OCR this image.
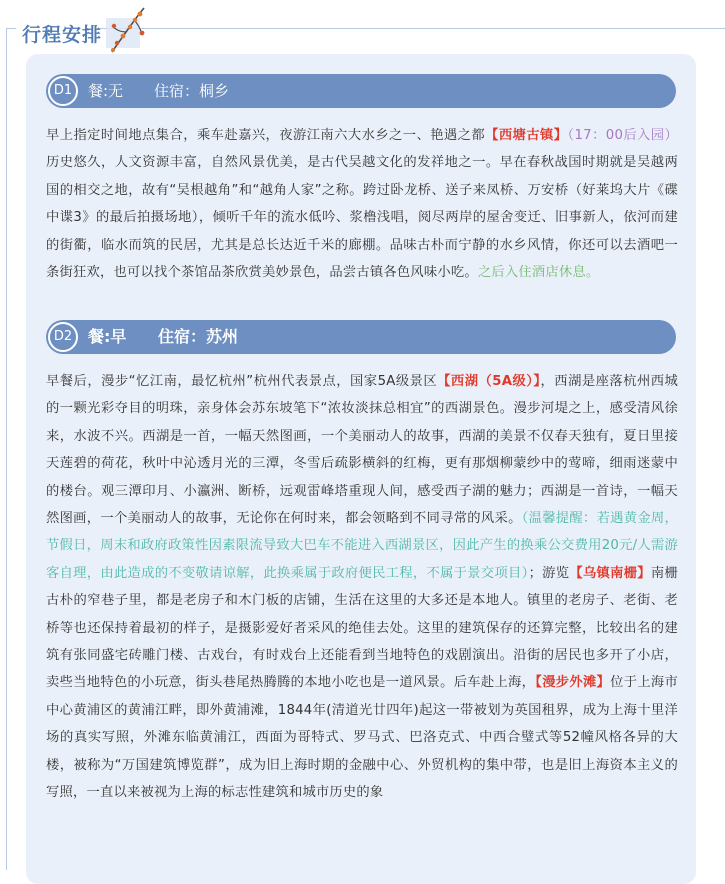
行程安排
D1	餐:无 住宿：桐乡
早上指定时间地点集合，乘车赴嘉兴，夜游江南六大水乡之一、艳遇之都【西塘古镇】（17：00后入园）历史悠久，人文资源丰富，自然风景优美，是古代吴越文化的发祥地之一。早在春秋战国时期就是吴越两国的相交之地，故有“吴根越角”和“越角人家”之称。跨过卧龙桥、送子来凤桥、万安桥（好莱坞大片《碟中谍3》的最后拍摄场地），倾听千年的流水低吟、浆橹浅唱，阅尽两岸的屋舍变迁、旧事新人，依河而建的街衢，临水而筑的民居，尤其是总长达近千米的廊棚。品味古朴而宁静的水乡风情，你还可以去酒吧一条街狂欢，也可以找个茶馆品茶欣赏美妙景色，品尝古镇各色风味小吃。之后入住酒店休息。
D2 餐:早 住宿：苏州
早餐后，漫步“忆江南，最忆杭州”杭州代表景点，国家5A级景区【西湖（5A级）】，西湖是座落杭州西城的一颗光彩夺目的明珠，亲身体会苏东坡笔下“浓妆淡抹总相宜”的西湖景色。漫步河堤之上，感受清风徐来，水波不兴。西湖是一首，一幅天然图画，一个美丽动人的故事，西湖的美景不仅春天独有，夏日里接天莲碧的荷花，秋叶中沁透月光的三潭，冬雪后疏影横斜的红梅，更有那烟柳蒙纱中的莺啼，细雨迷蒙中的楼台。观三潭印月、小瀛洲、断桥，远观雷峰塔重现人间，感受西子湖的魅力；西湖是一首诗，一幅天然图画，一个美丽动人的故事，无论你在何时来，都会领略到不同寻常的风采。（温馨提醒：若遇黄金周，节假日，周末和政府政策性因素限流导致大巴车不能进入西湖景区，因此产生的换乘公交费用20元/人需游客自理，由此造成的不变敬请谅解，此换乘属于政府便民工程，不属于景交项目）；游览【乌镇南栅】南栅古朴的窄巷子里，都是老房子和木门板的店铺，生活在这里的大多还是本地人。镇里的老房子、老街、老桥等也还保持着最初的样子，是摄影爱好者采风的绝佳去处。这里的建筑保存的还算完整，比较出名的建筑有张同盛宅砖雕门楼、古戏台，有时戏台上还能看到当地特色的戏剧演出。沿街的居民也多开了小店，卖些当地特色的小玩意，街头巷尾热腾腾的本地小吃也是一道风景。后车赴上海，【漫步外滩】位于上海市中心黄浦区的黄浦江畔，即外黄浦滩，1844年(清道光廿四年)起这一带被划为英国租界，成为上海十里洋场的真实写照，外滩东临黄浦江，西面为哥特式、罗马式、巴洛克式、中西合璧式等52幢风格各异的大楼，被称为“万国建筑博览群”，成为旧上海时期的金融中心、外贸机构的集中带，也是旧上海资本主义的写照，一直以来被视为上海的标志性建筑和城市历史的象
